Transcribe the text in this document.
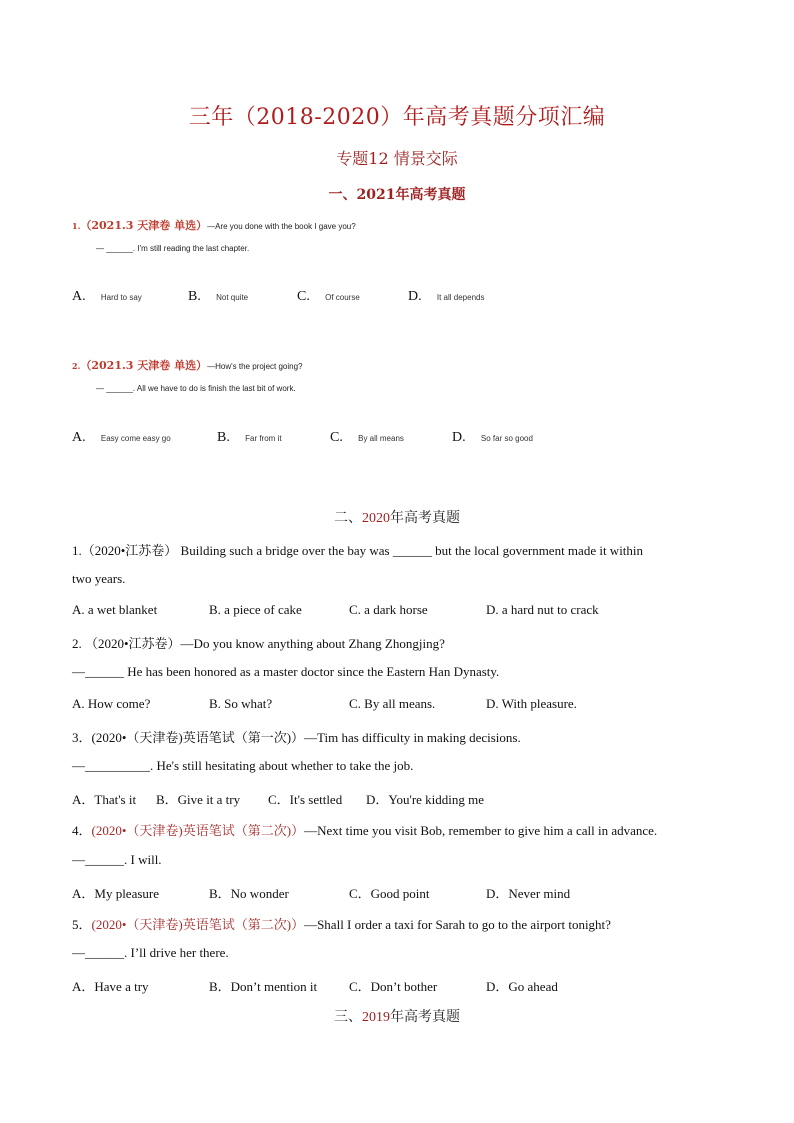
三年（2018-2020）年高考真题分项汇编
专题12 情景交际
一、2021年高考真题
1.（2021.3 天津卷 单选）—Are you done with the book I gave you?
— ______. I'm still reading the last chapter.
A. Hard to say	B. Not quite	C. Of course	D. It all depends
2.（2021.3 天津卷 单选）—How's the project going?
— ______. All we have to do is finish the last bit of work.
A. Easy come easy go	B. Far from it	C. By all means	D. So far so good
二、2020年高考真题
1.（2020•江苏卷） Building such a bridge over the bay was ______ but the local government made it within
two years.
A. a wet blanket	B. a piece of cake	C. a dark horse	D. a hard nut to crack
2. （2020•江苏卷）—Do you know anything about Zhang Zhongjing?
—______ He has been honored as a master doctor since the Eastern Han Dynasty.
A. How come?	B. So what?	C. By all means.	D. With pleasure.
3．(2020•（天津卷)英语笔试（第一次)）—Tim has difficulty in making decisions.
—__________. He's still hesitating about whether to take the job.
A．That's it B．Give it a try C．It's settled D．You're kidding me
4．(2020•（天津卷)英语笔试（第二次)）—Next time you visit Bob, remember to give him a call in advance.
—______. I will.
A．My pleasure	B．No wonder	C．Good point	D．Never mind
5．(2020•（天津卷)英语笔试（第二次)）—Shall I order a taxi for Sarah to go to the airport tonight?
—______. I’ll drive her there.
A．Have a try	B．Don’t mention it C．Don’t bother	D．Go ahead
三、2019年高考真题
